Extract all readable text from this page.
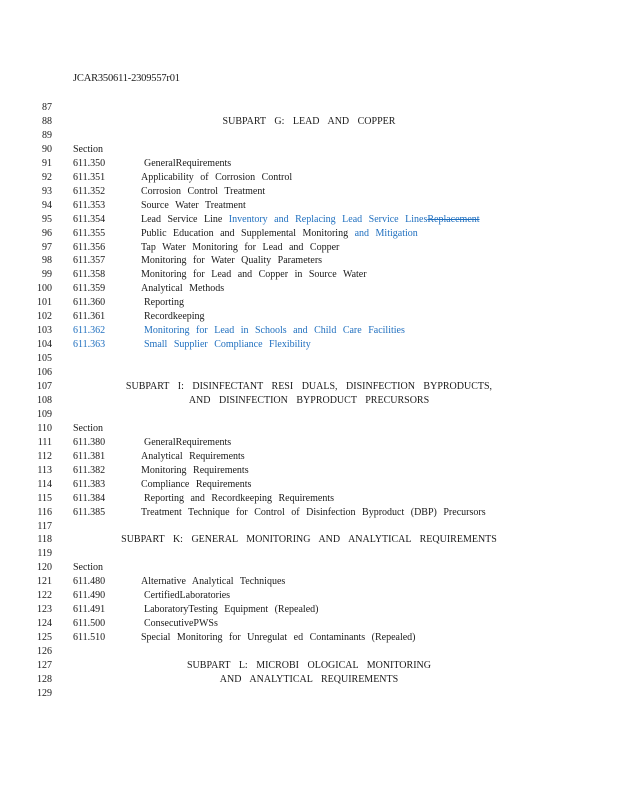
JCAR350611-2309557r01
87
88	SUBPART G: LEAD AND COPPER
89
90 Section
91 611.350	GeneralRequirements
92 611.351	Applicability of Corrosion Control
93 611.352	Corrosion Control Treatment
94 611.353	Source Water Treatment
95 611.354	Lead Service Line Inventory and Replacing Lead Service LinesReplacement
96 611.355	Public Education and Supplemental Monitoring and Mitigation
97 611.356	Tap Water Monitoring for Lead and Copper
98 611.357	Monitoring for Water Quality Parameters
99 611.358	Monitoring for Lead and Copper in Source Water
100 611.359	Analytical Methods
101 611.360	Reporting
102 611.361	Recordkeeping
103 611.362	Monitoring for Lead in Schools and Child Care Facilities
104 611.363	Small Supplier Compliance Flexibility
105
106
107	SUBPART I: DISINFECTANT RESI DUALS, DISINFECTION BYPRODUCTS,
108	AND DISINFECTION BYPRODUCT PRECURSORS
109
110 Section
111 611.380	GeneralRequirements
112 611.381	Analytical Requirements
113 611.382	Monitoring Requirements
114 611.383	Compliance Requirements
115 611.384	Reporting and Recordkeeping Requirements
116 611.385	Treatment Technique for Control of Disinfection Byproduct (DBP) Precursors
117
118	SUBPART K: GENERAL MONITORING AND ANALYTICAL REQUIREMENTS
119
120 Section
121 611.480	Alternative Analytical Techniques
122 611.490	CertifiedLaboratories
123 611.491	LaboratoryTesting Equipment (Repealed)
124 611.500	ConsecutivePWSs
125 611.510	Special Monitoring for Unregulat ed Contaminants (Repealed)
126
127	SUBPART L: MICROBI OLOGICAL MONITORING
128	AND ANALYTICAL REQUIREMENTS
129
